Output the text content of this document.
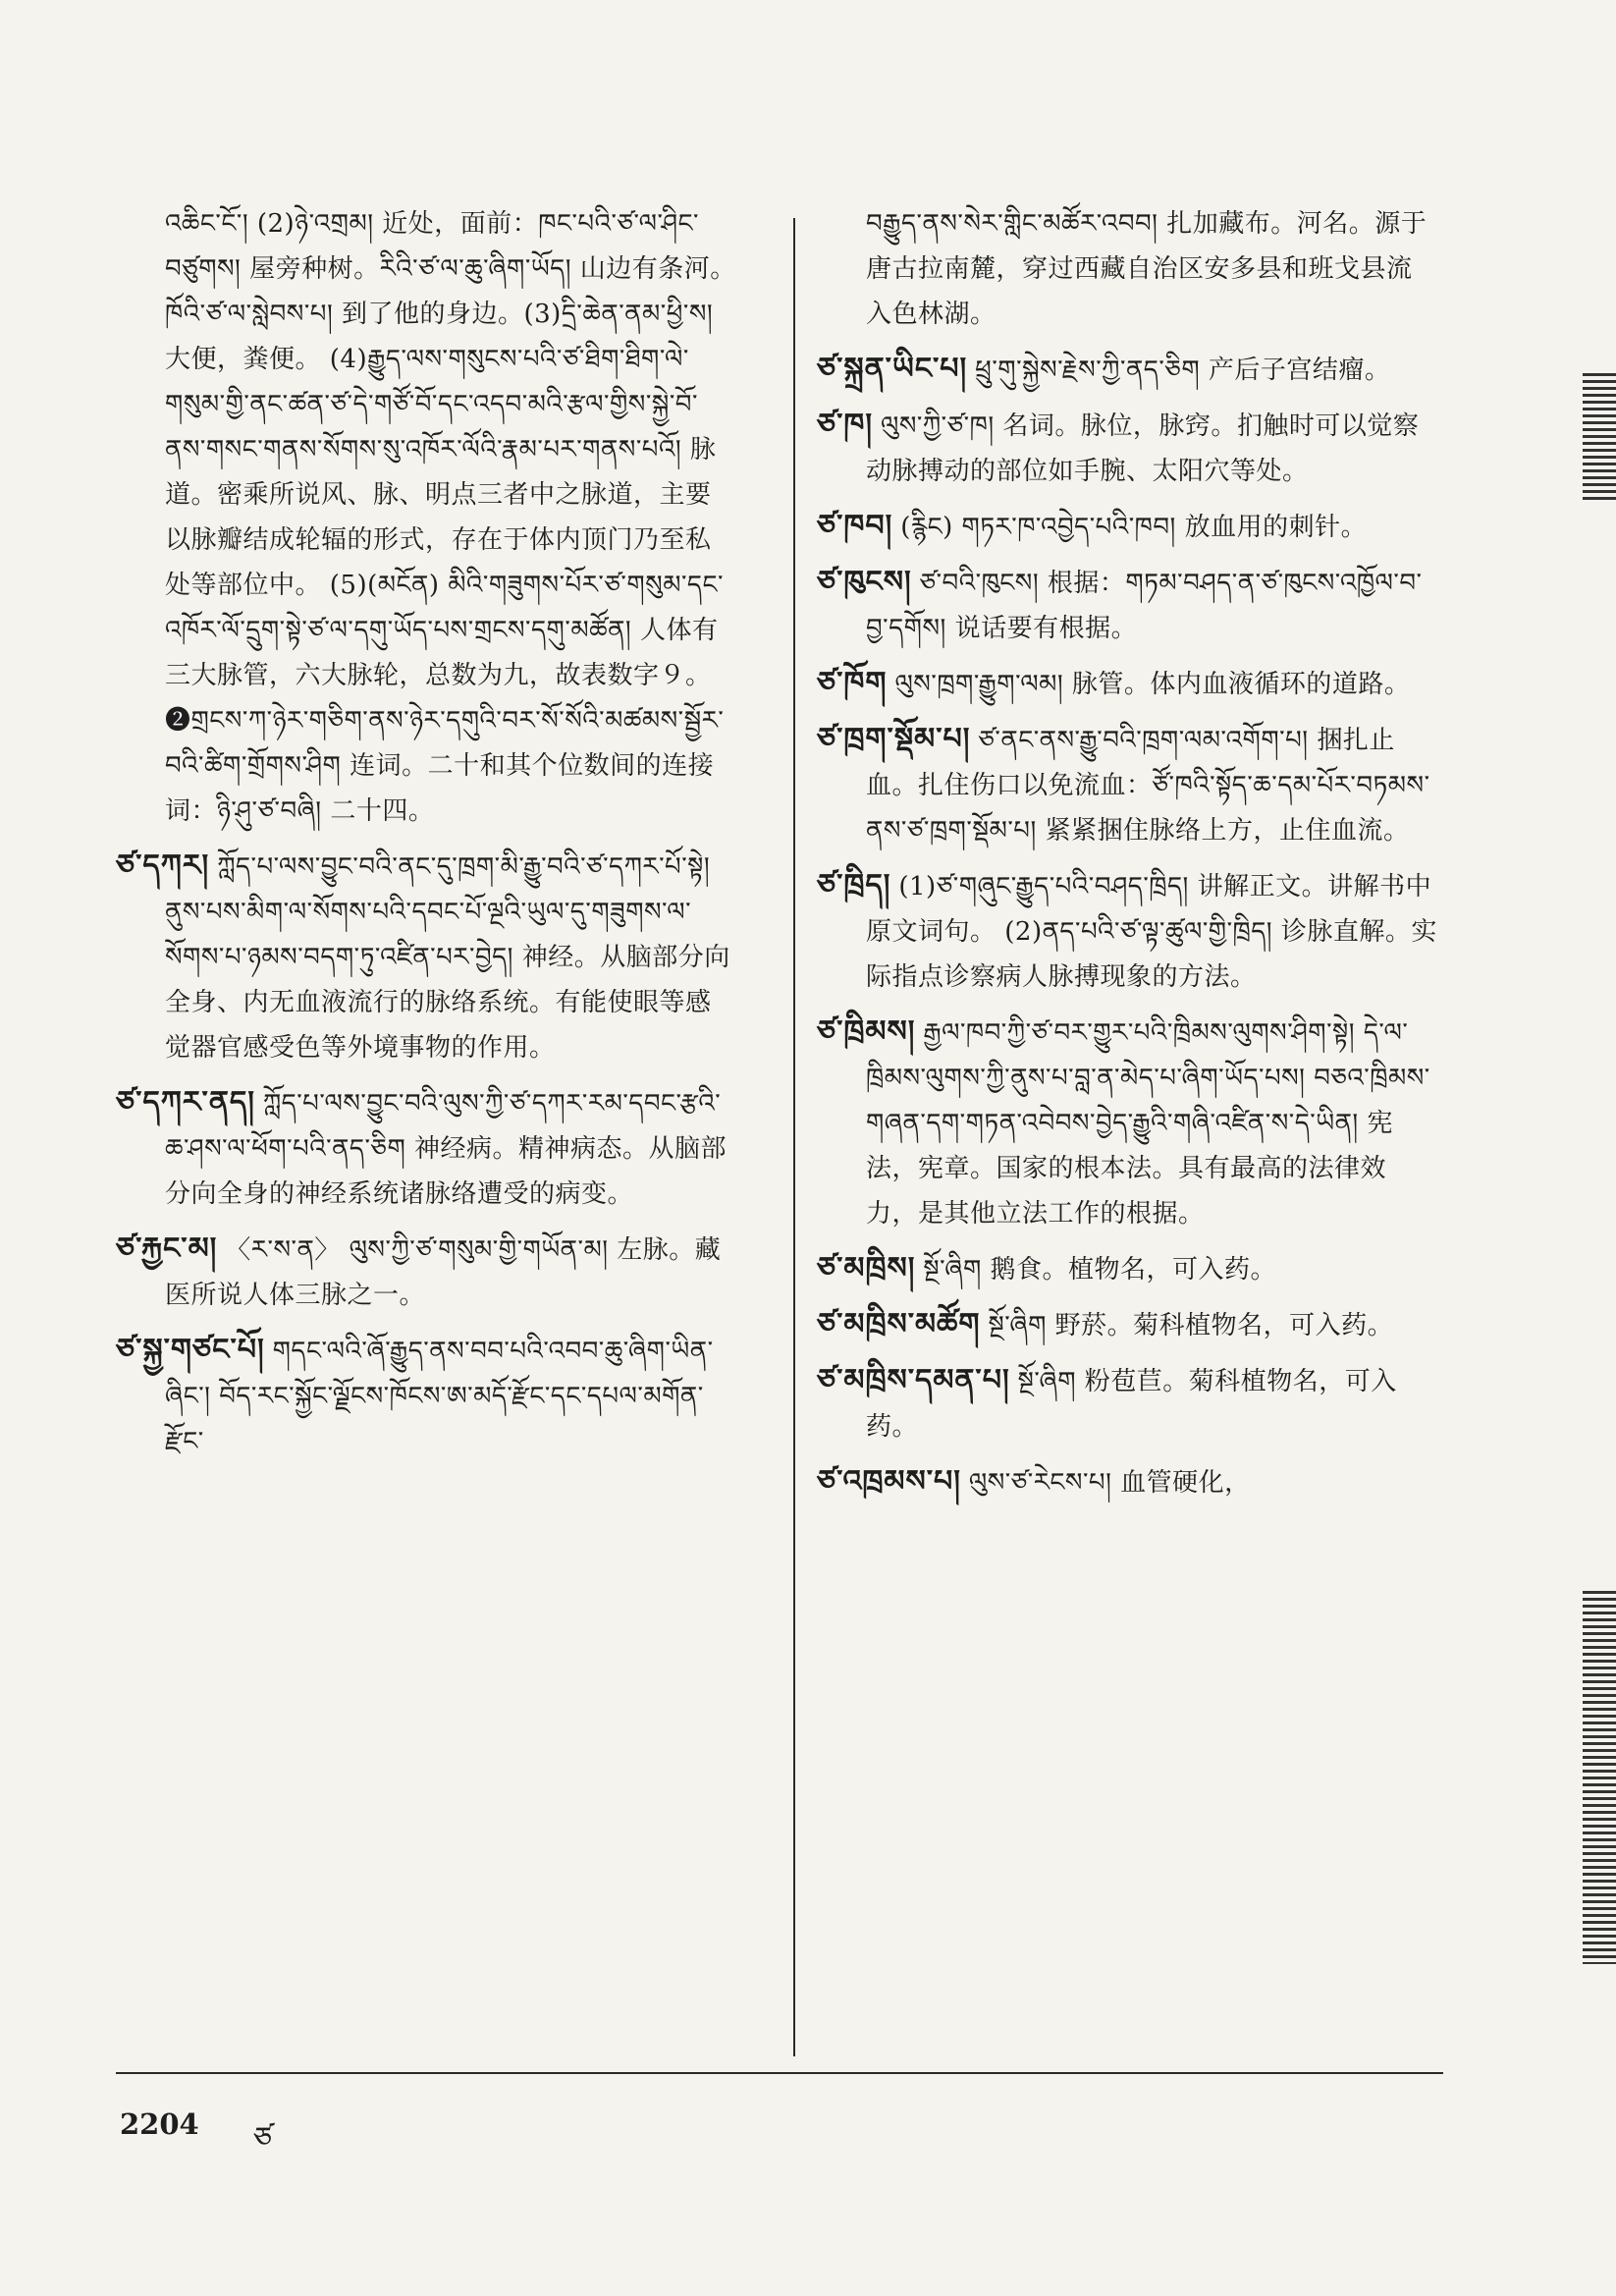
འཆིང་ངོ་། (2)ཉེ་འགྲམ། 近处，面前：ཁང་པའི་ཙ་ལ་ཤིང་བཙུགས། 屋旁种树。རིའི་ཙ་ལ་ཆུ་ཞིག་ཡོད། 山边有条河。ཁོའི་ཙ་ལ་སླེབས་པ། 到了他的身边。(3)དྲི་ཆེན་ནམ་ཕྱི་ས། 大便，粪便。 (4)རྒྱུད་ལས་གསུངས་པའི་ཙ་ཐིག་ཐིག་ལེ་གསུམ་གྱི་ནང་ཚན་ཙ་དེ་གཙོ་བོ་དང་འདབ་མའི་རྩལ་གྱིས་སྐྱེ་བོ་ནས་གསང་གནས་སོགས་སུ་འཁོར་ལོའི་རྣམ་པར་གནས་པའོ། 脉道。密乘所说风、脉、明点三者中之脉道，主要以脉瓣结成轮辐的形式，存在于体内顶门乃至私处等部位中。 (5)(མངོན) མིའི་གཟུགས་པོར་ཙ་གསུམ་དང་འཁོར་ལོ་དྲུག་སྟེ་ཙ་ལ་དགུ་ཡོད་པས་གྲངས་དགུ་མཚོན། 人体有三大脉管，六大脉轮，总数为九，故表数字９。❷གྲངས་ཀ་ཉེར་གཅིག་ནས་ཉེར་དགུའི་བར་སོ་སོའི་མཚམས་སྦྱོར་བའི་ཚིག་གྲོགས་ཤིག 连词。二十和其个位数间的连接词：ཉི་ཤུ་ཙ་བཞི། 二十四。

ཙ་དཀར། ཀློད་པ་ལས་བྱུང་བའི་ནང་དུ་ཁྲག་མི་རྒྱུ་བའི་ཙ་དཀར་པོ་སྟེ། ནུས་པས་མིག་ལ་སོགས་པའི་དབང་པོ་ལྔའི་ཡུལ་དུ་གཟུགས་ལ་སོགས་པ་ཉམས་བདག་ཏུ་འཛིན་པར་བྱེད། 神经。从脑部分向全身、内无血液流行的脉络系统。有能使眼等感觉器官感受色等外境事物的作用。

ཙ་དཀར་ནད། ཀློད་པ་ལས་བྱུང་བའི་ལུས་ཀྱི་ཙ་དཀར་རམ་དབང་རྩའི་ཆ་ཤས་ལ་ཕོག་པའི་ནད་ཅིག 神经病。精神病态。从脑部分向全身的神经系统诸脉络遭受的病变。

ཙ་རྐྱང་མ། 〈ར་ས་ན〉 ལུས་ཀྱི་ཙ་གསུམ་གྱི་གཡོན་མ། 左脉。藏医所说人体三脉之一。

ཙ་སྐྱ་གཙང་པོ། གདང་ལའི་ཞོ་རྒྱུད་ནས་བབ་པའི་འབབ་ཆུ་ཞིག་ཡིན་ཞིང་། བོད་རང་སྐྱོང་ལྗོངས་ཁོངས་ཨ་མདོ་རྫོང་དང་དཔལ་མགོན་རྫོང་

བརྒྱུད་ནས་སེར་གླིང་མཚོར་འབབ། 扎加藏布。河名。源于唐古拉南麓，穿过西藏自治区安多县和班戈县流入色林湖。

ཙ་སྐྲན་ཡིང་པ། ཕྲུ་གུ་སྐྱེས་རྗེས་ཀྱི་ནད་ཅིག 产后子宫结瘤。

ཙ་ཁ། ལུས་ཀྱི་ཙ་ཁ། 名词。脉位，脉窍。扪触时可以觉察动脉搏动的部位如手腕、太阳穴等处。

ཙ་ཁབ། (རྙིང) གཏར་ཁ་འབྱེད་པའི་ཁབ། 放血用的刺针。

ཙ་ཁུངས། ཙ་བའི་ཁུངས། 根据：གཏམ་བཤད་ན་ཙ་ཁུངས་འཁྱོལ་བ་བྱ་དགོས། 说话要有根据。

ཙ་ཁོག ལུས་ཁྲག་རྒྱུག་ལམ། 脉管。体内血液循环的道路。

ཙ་ཁྲག་སྡོམ་པ། ཙ་ནང་ནས་རྒྱུ་བའི་ཁྲག་ལམ་འགོག་པ། 捆扎止血。扎住伤口以免流血：ཙོ་ཁའི་སྟོད་ཆ་དམ་པོར་བཏམས་ནས་ཙ་ཁྲག་སྡོམ་པ། 紧紧捆住脉络上方，止住血流。

ཙ་ཁྲིད། (1)ཙ་གཞུང་རྒྱུད་པའི་བཤད་ཁྲིད། 讲解正文。讲解书中原文词句。 (2)ནད་པའི་ཙ་ལྟ་ཚུལ་གྱི་ཁྲིད། 诊脉直解。实际指点诊察病人脉搏现象的方法。

ཙ་ཁྲིམས། རྒྱལ་ཁབ་ཀྱི་ཙ་བར་གྱུར་པའི་ཁྲིམས་ལུགས་ཤིག་སྟེ། དེ་ལ་ཁྲིམས་ལུགས་ཀྱི་ནུས་པ་བླ་ན་མེད་པ་ཞིག་ཡོད་པས། བཅའ་ཁྲིམས་གཞན་དག་གཏན་འབེབས་བྱེད་རྒྱུའི་གཞི་འཛིན་ས་དེ་ཡིན། 宪法，宪章。国家的根本法。具有最高的法律效力，是其他立法工作的根据。

ཙ་མཁྲིས། སྔོ་ཞིག 鹅食。植物名，可入药。

ཙ་མཁྲིས་མཚོག སྔོ་ཞིག 野菸。菊科植物名，可入药。

ཙ་མཁྲིས་དམན་པ། སྔོ་ཞིག 粉苞苣。菊科植物名，可入药。

ཙ་འཁྲམས་པ། ལུས་ཙ་རེངས་པ། 血管硬化，

2204 ཙ
